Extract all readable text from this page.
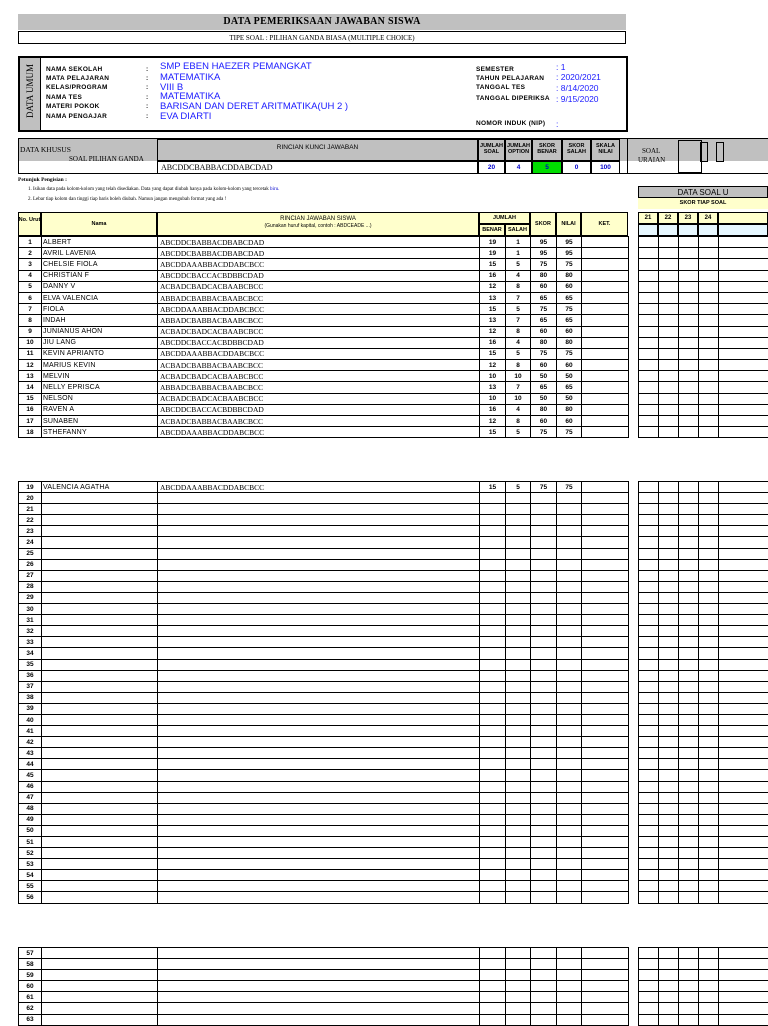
DATA PEMERIKSAAN JAWABAN SISWA
TIPE SOAL : PILIHAN GANDA BIASA (MULTIPLE CHOICE)
DATA UMUM NAMA SEKOLAH	: SMP EBEN HAEZER PEMANGKAT
MATA PELAJARAN	: MATEMATIKA
KELAS/PROGRAM	: VIII B
NAMA TES	: MATEMATIKA
MATERI POKOK	: BARISAN DAN DERET ARITMATIKA(UH 2 )
NAMA PENGAJAR	: EVA DIARTI
SEMESTER	: 1
TAHUN PELAJARAN : 2020/2021
TANGGAL TES	: 8/14/2020
TANGGAL DIPERIKSA : 9/15/2020
NOMOR INDUK (NIP) :
DATA KHUSUS
SOAL PILIHAN GANDA
RINCIAN KUNCI JAWABAN
ABCDDCBABBACDDABCDAD
JUMLAH SOAL
20
JUMLAH OPTION
4
SKOR BENAR
5
SKOR SALAH
0
SKALA NILAI
100
SOAL
URAIAN
Petunjuk Pengisian :
1. Isikan data pada kolom-kolom yang telah disediakan. Data yang dapat diubah hanya pada kolom-kolom yang tercetak biru.
2. Lebar tiap kolom dan tinggi tiap baris boleh diubah. Namun jangan mengubah format yang ada !
DATA SOAL U
SKOR TIAP SOAL
No. Urut
Nama
RINCIAN JAWABAN SISWA
(Gunakan huruf kapital, contoh : ABDCEADE ...)
JUMLAH
BENAR	SALAH
SKOR	NILAI	KET.
21	22	23	24
1	ALBERT	ABCDDCBABBACDBABCDAD	19	1	95	95	
2	AVRIL LAVENIA	ABCDDCBABBACDBABCDAD	19	1	95	95	
3	CHELSIE FIOLA	ABCDDAAABBACDDABCBCC	15	5	75	75	
4	CHRISTIAN F	ABCDDCBACCACBDBBCDAD	16	4	80	80	
5	DANNY V	ACBADCBADCACBAABCBCC	12	8	60	60	
6	ELVA VALENCIA	ABBADCBABBACBAABCBCC	13	7	65	65	
7	FIOLA	ABCDDAAABBACDDABCBCC	15	5	75	75	
8	INDAH	ABBADCBABBACBAABCBCC	13	7	65	65	
9	JUNIANUS AHON	ACBADCBADCACBAABCBCC	12	8	60	60	
10	JIU LANG	ABCDDCBACCACBDBBCDAD	16	4	80	80	
11	KEVIN APRIANTO	ABCDDAAABBACDDABCBCC	15	5	75	75	
12	MARIUS KEVIN	ACBADCBABBACBAABCBCC	12	8	60	60	
13	MELVIN	ACBADCBADCACBAABCBCC	10	10	50	50	
14	NELLY EPRISCA	ABBADCBABBACBAABCBCC	13	7	65	65	
15	NELSON	ACBADCBADCACBAABCBCC	10	10	50	50	
16	RAVEN A	ABCDDCBACCACBDBBCDAD	16	4	80	80	
17	SUNABEN	ACBADCBABBACBAABCBCC	12	8	60	60	
18	STHEFANNY	ABCDDAAABBACDDABCBCC	15	5	75	75	

19	VALENCIA AGATHA	ABCDDAAABBACDDABCBCC	15	5	75	75	
20							
21							
22							
23							
24							
25							
26							
27							
28							
29							
30							
31							
32							
33							
34							
35							
36							
37							
38							
39							
40							
41							
42							
43							
44							
45							
46							
47							
48							
49							
50							
51							
52							
53							
54							
55							
56							

57							
58							
59							
60							
61							
62							
63							
